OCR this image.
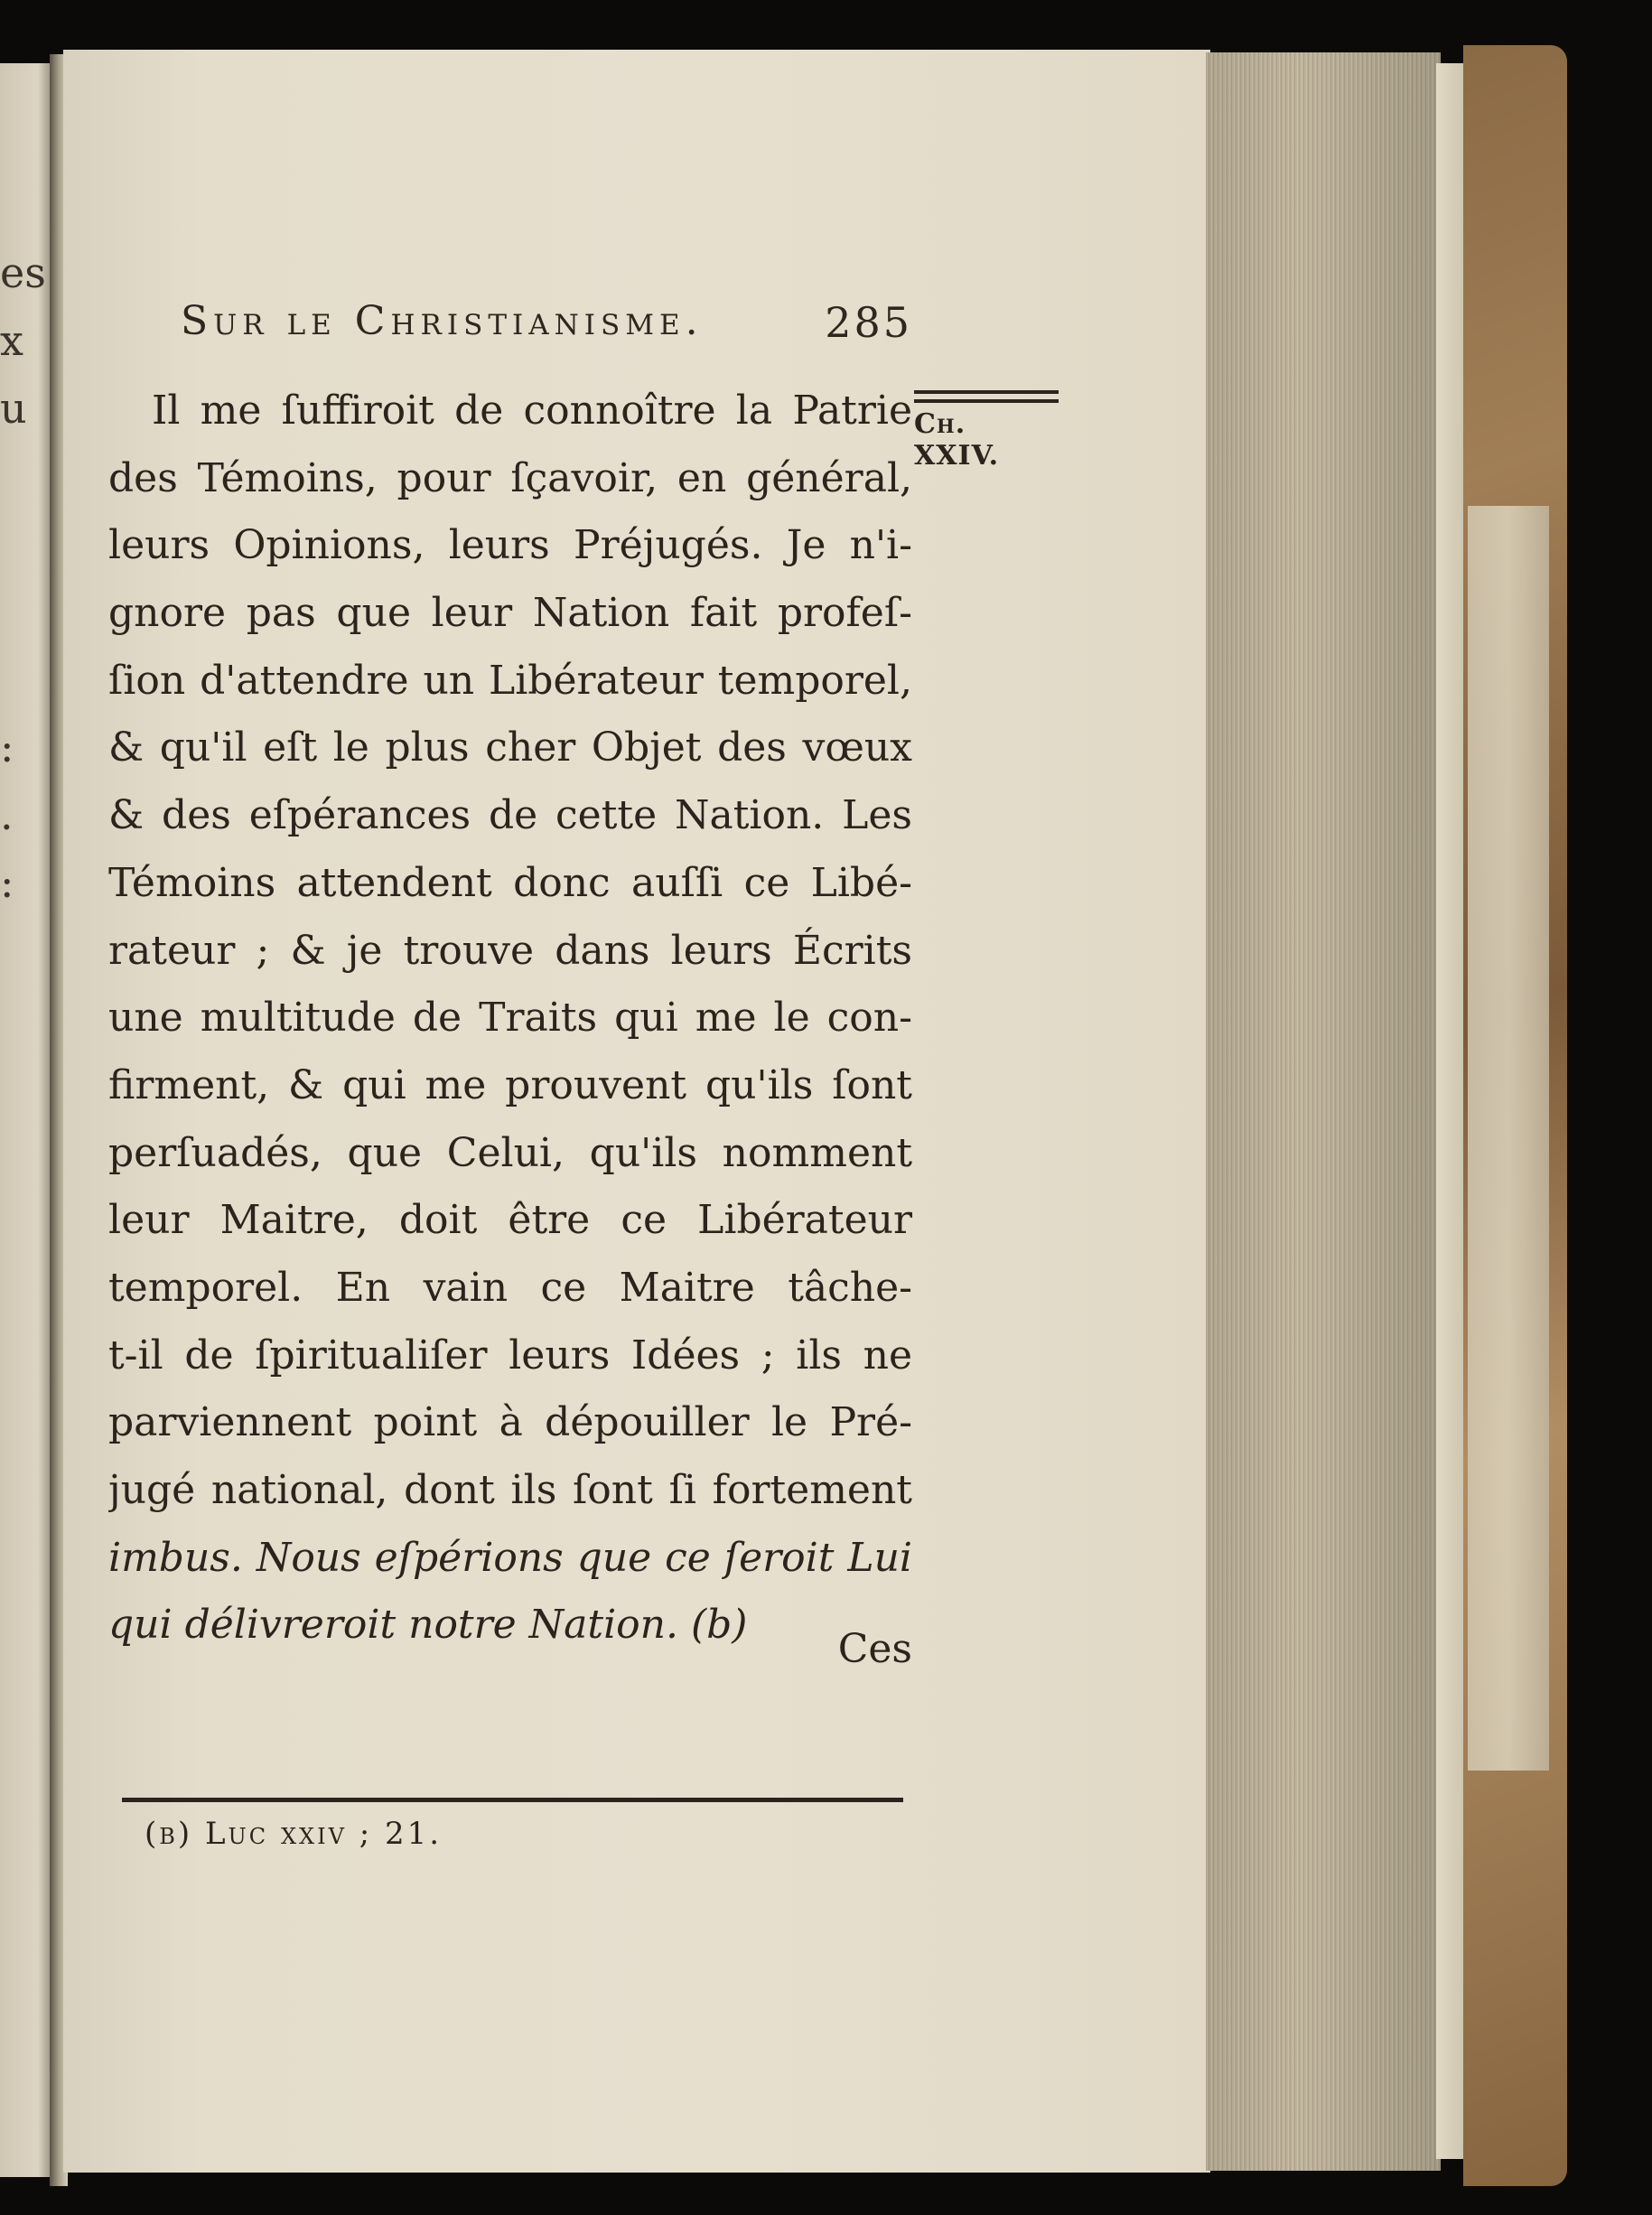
es
x
u
:
.
:
Sur le Christianisme.	285
Ch. XXIV.
Il me ſuffiroit de connoître la Patrie
des Témoins, pour ſçavoir, en général,
leurs Opinions, leurs Préjugés. Je n'i-
gnore pas que leur Nation fait profeſ-
ſion d'attendre un Libérateur temporel,
& qu'il eſt le plus cher Objet des vœux
& des eſpérances de cette Nation. Les
Témoins attendent donc auſſi ce Libé-
rateur ; & je trouve dans leurs Écrits
une multitude de Traits qui me le con-
firment, & qui me prouvent qu'ils ſont
perſuadés, que Celui, qu'ils nomment
leur Maitre, doit être ce Libérateur
temporel. En vain ce Maitre tâche-
t-il de ſpiritualiſer leurs Idées ; ils ne
parviennent point à dépouiller le Pré-
jugé national, dont ils ſont ſi fortement
imbus. Nous eſpérions que ce ſeroit Lui
qui délivreroit notre Nation. (b)
Ces
(b) Luc xxiv ; 21.
